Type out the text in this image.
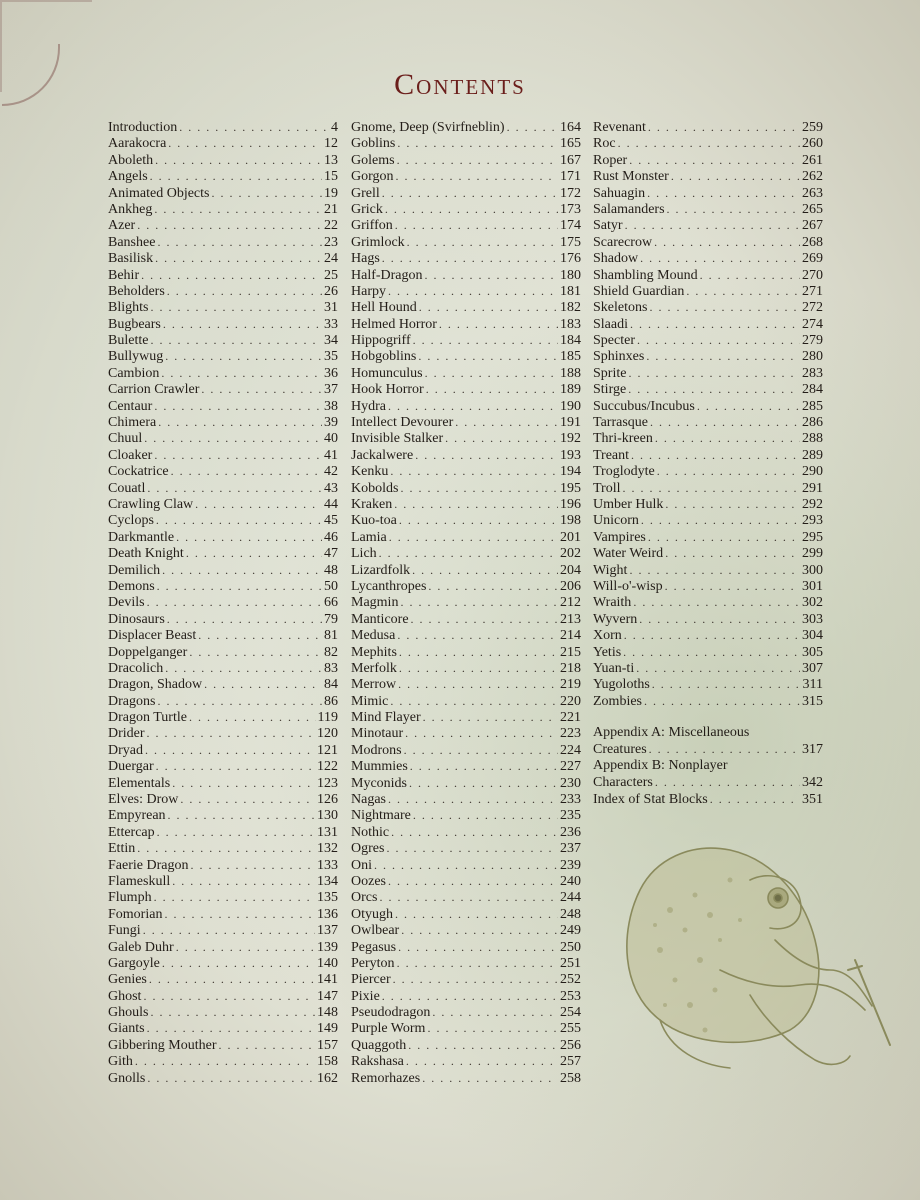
Contents
Introduction . . .	4
Aarakocra . . .	12
Aboleth . . .	13
Angels . . .	15
Animated Objects . . .	19
Ankheg . . .	21
Azer . . .	22
Banshee . . .	23
Basilisk . . .	24
Behir . . .	25
Beholders . . .	26
Blights . . .	31
Bugbears . . .	33
Bulette . . .	34
Bullywug . . .	35
Cambion . . .	36
Carrion Crawler . . .	37
Centaur . . .	38
Chimera . . .	39
Chuul . . .	40
Cloaker . . .	41
Cockatrice . . .	42
Couatl . . .	43
Crawling Claw . . .	44
Cyclops . . .	45
Darkmantle . . .	46
Death Knight . . .	47
Demilich . . .	48
Demons . . .	50
Devils . . .	66
Dinosaurs . . .	79
Displacer Beast . . .	81
Doppelganger . . .	82
Dracolich . . .	83
Dragon, Shadow . . .	84
Dragons . . .	86
Dragon Turtle . . .	119
Drider . . .	120
Dryad . . .	121
Duergar . . .	122
Elementals . . .	123
Elves: Drow . . .	126
Empyrean . . .	130
Ettercap . . .	131
Ettin . . .	132
Faerie Dragon . . .	133
Flameskull . . .	134
Flumph . . .	135
Fomorian . . .	136
Fungi . . .	137
Galeb Duhr . . .	139
Gargoyle . . .	140
Genies . . .	141
Ghost . . .	147
Ghouls . . .	148
Giants . . .	149
Gibbering Mouther . . .	157
Gith . . .	158
Gnolls . . .	162
Gnome, Deep (Svirfneblin) . . .	164
Goblins . . .	165
Golems . . .	167
Gorgon . . .	171
Grell . . .	172
Grick . . .	173
Griffon . . .	174
Grimlock . . .	175
Hags . . .	176
Half-Dragon . . .	180
Harpy . . .	181
Hell Hound . . .	182
Helmed Horror . . .	183
Hippogriff . . .	184
Hobgoblins . . .	185
Homunculus . . .	188
Hook Horror . . .	189
Hydra . . .	190
Intellect Devourer . . .	191
Invisible Stalker . . .	192
Jackalwere . . .	193
Kenku . . .	194
Kobolds . . .	195
Kraken . . .	196
Kuo-toa . . .	198
Lamia . . .	201
Lich . . .	202
Lizardfolk . . .	204
Lycanthropes . . .	206
Magmin . . .	212
Manticore . . .	213
Medusa . . .	214
Mephits . . .	215
Merfolk . . .	218
Merrow . . .	219
Mimic . . .	220
Mind Flayer . . .	221
Minotaur . . .	223
Modrons . . .	224
Mummies . . .	227
Myconids . . .	230
Nagas . . .	233
Nightmare . . .	235
Nothic . . .	236
Ogres . . .	237
Oni . . .	239
Oozes . . .	240
Orcs . . .	244
Otyugh . . .	248
Owlbear . . .	249
Pegasus . . .	250
Peryton . . .	251
Piercer . . .	252
Pixie . . .	253
Pseudodragon . . .	254
Purple Worm . . .	255
Quaggoth . . .	256
Rakshasa . . .	257
Remorhazes . . .	258
Revenant . . .	259
Roc . . .	260
Roper . . .	261
Rust Monster . . .	262
Sahuagin . . .	263
Salamanders . . .	265
Satyr . . .	267
Scarecrow . . .	268
Shadow . . .	269
Shambling Mound . . .	270
Shield Guardian . . .	271
Skeletons . . .	272
Slaadi . . .	274
Specter . . .	279
Sphinxes . . .	280
Sprite . . .	283
Stirge . . .	284
Succubus/Incubus . . .	285
Tarrasque . . .	286
Thri-kreen . . .	288
Treant . . .	289
Troglodyte . . .	290
Troll . . .	291
Umber Hulk . . .	292
Unicorn . . .	293
Vampires . . .	295
Water Weird . . .	299
Wight . . .	300
Will-o'-wisp . . .	301
Wraith . . .	302
Wyvern . . .	303
Xorn . . .	304
Yetis . . .	305
Yuan-ti . . .	307
Yugoloths . . .	311
Zombies . . .	315
Appendix A: Miscellaneous
Creatures . . .	317
Appendix B: Nonplayer
Characters . . .	342
Index of Stat Blocks . . .	351
